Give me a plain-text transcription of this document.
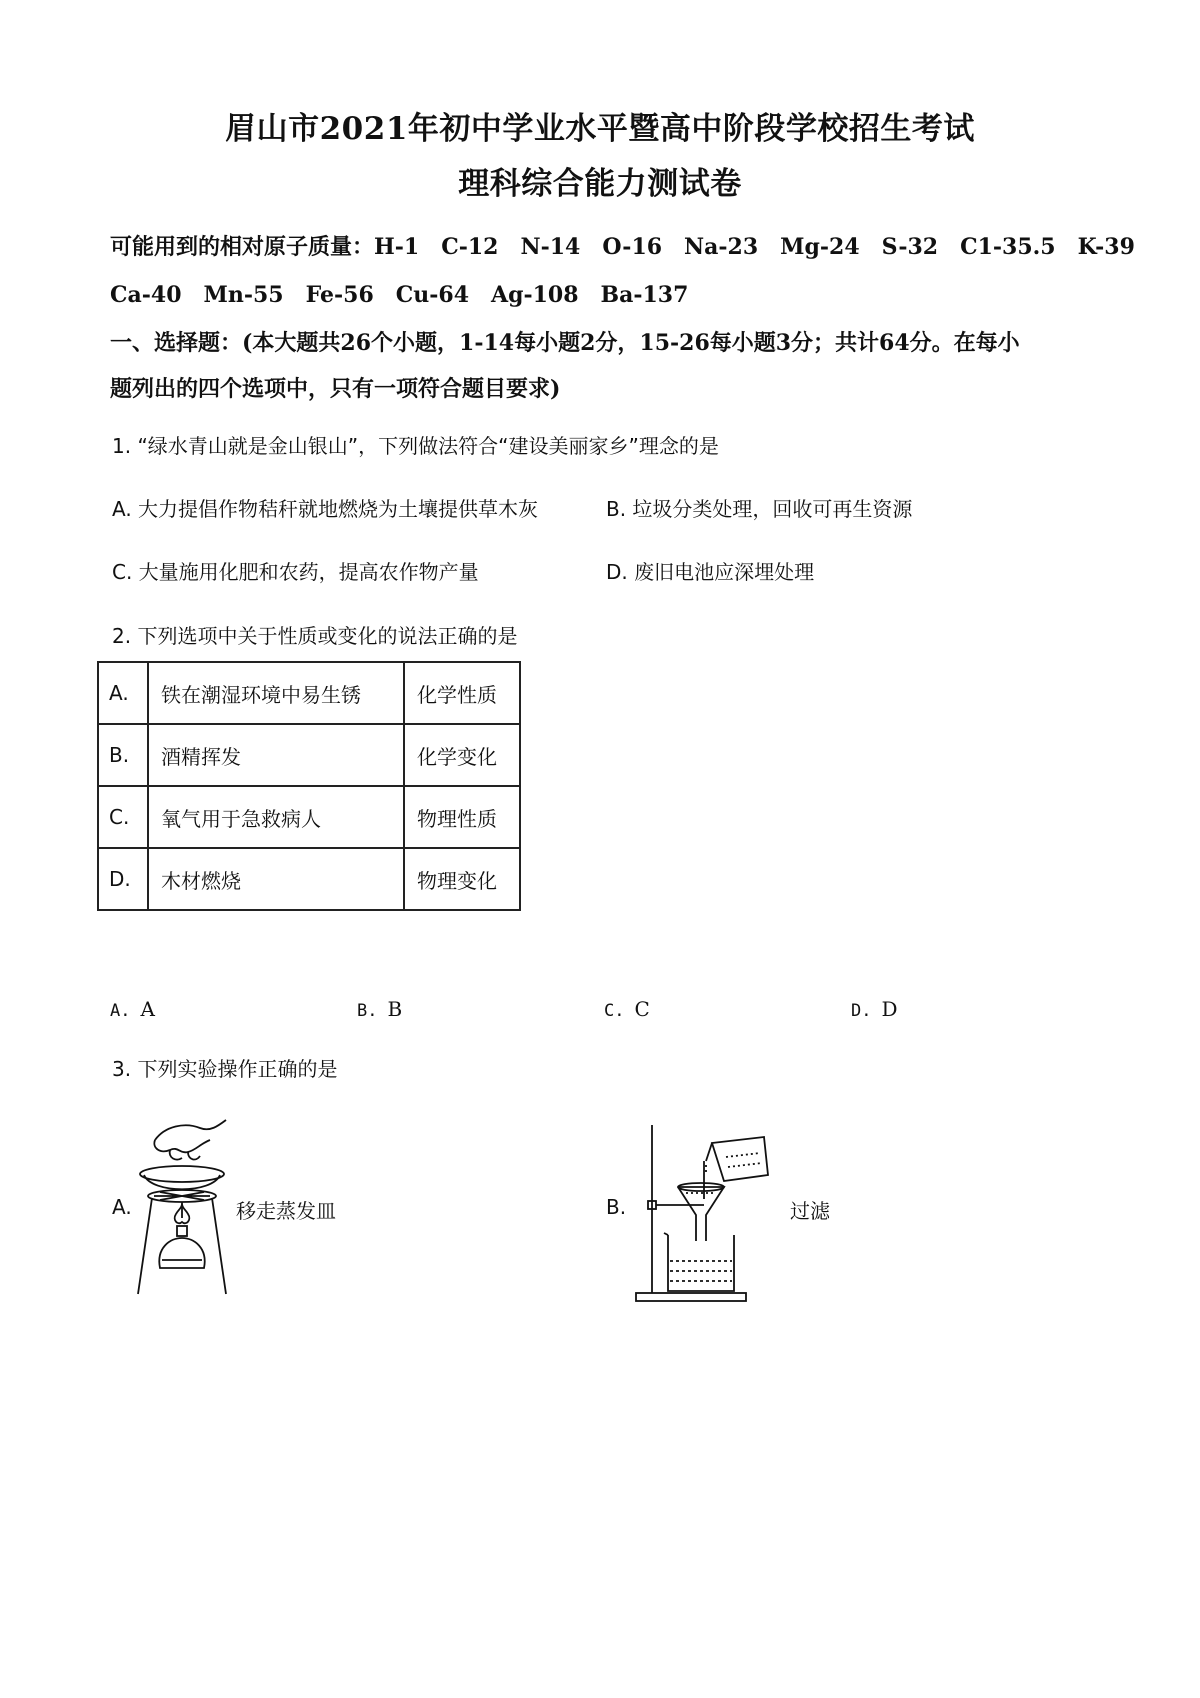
眉山市2021年初中学业水平暨高中阶段学校招生考试
理科综合能力测试卷
可能用到的相对原子质量：H-1　C-12　N-14　O-16　Na-23　Mg-24　S-32　C1-35.5　K-39
Ca-40　Mn-55　Fe-56　Cu-64　Ag-108　Ba-137
一、选择题：(本大题共26个小题，1-14每小题2分，15-26每小题3分；共计64分。在每小
题列出的四个选项中，只有一项符合题目要求)
1. “绿水青山就是金山银山”，下列做法符合“建设美丽家乡”理念的是
A. 大力提倡作物秸秆就地燃烧为土壤提供草木灰	B. 垃圾分类处理，回收可再生资源
C. 大量施用化肥和农药，提高农作物产量	D. 废旧电池应深埋处理
2. 下列选项中关于性质或变化的说法正确的是
A.	铁在潮湿环境中易生锈	化学性质
B.	酒精挥发	化学变化
C.	氧气用于急救病人	物理性质
D.	木材燃烧	物理变化
A. A	B. B	C. C	D. D
3. 下列实验操作正确的是
A.	移走蒸发皿	B.	过滤
